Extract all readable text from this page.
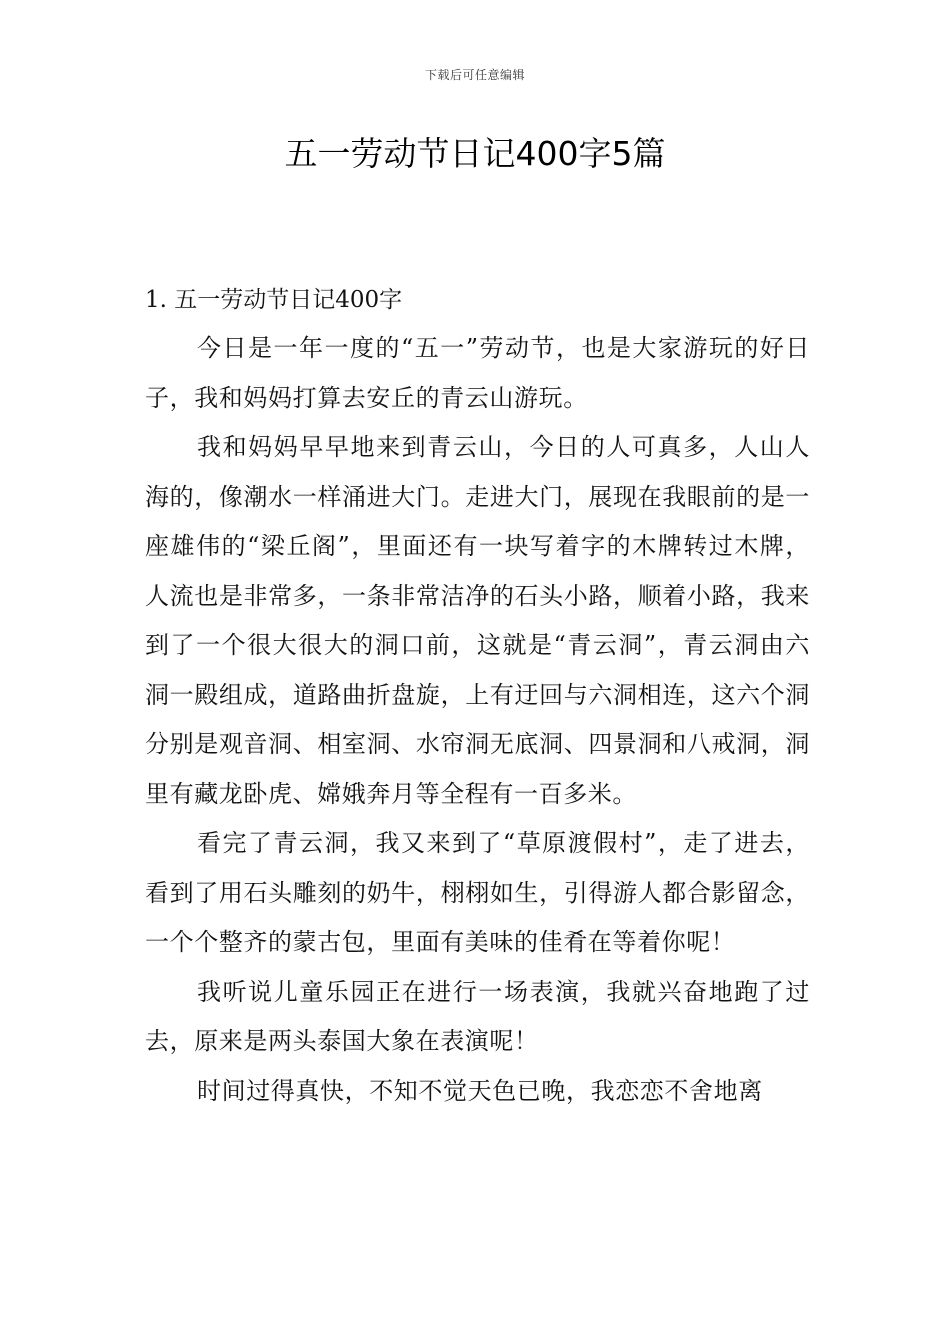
下载后可任意编辑
五一劳动节日记400字5篇
1. 五一劳动节日记400字

今日是一年一度的“五一”劳动节，也是大家游玩的好日子，我和妈妈打算去安丘的青云山游玩。

我和妈妈早早地来到青云山，今日的人可真多，人山人海的，像潮水一样涌进大门。走进大门，展现在我眼前的是一座雄伟的“梁丘阁”，里面还有一块写着字的木牌转过木牌，人流也是非常多，一条非常洁净的石头小路，顺着小路，我来到了一个很大很大的洞口前，这就是“青云洞”，青云洞由六洞一殿组成，道路曲折盘旋，上有迂回与六洞相连，这六个洞分别是观音洞、相室洞、水帘洞无底洞、四景洞和八戒洞，洞里有藏龙卧虎、嫦娥奔月等全程有一百多米。

看完了青云洞，我又来到了“草原渡假村”，走了进去，看到了用石头雕刻的奶牛，栩栩如生，引得游人都合影留念，一个个整齐的蒙古包，里面有美味的佳肴在等着你呢！

我听说儿童乐园正在进行一场表演，我就兴奋地跑了过去，原来是两头泰国大象在表演呢！

时间过得真快，不知不觉天色已晚，我恋恋不舍地离
